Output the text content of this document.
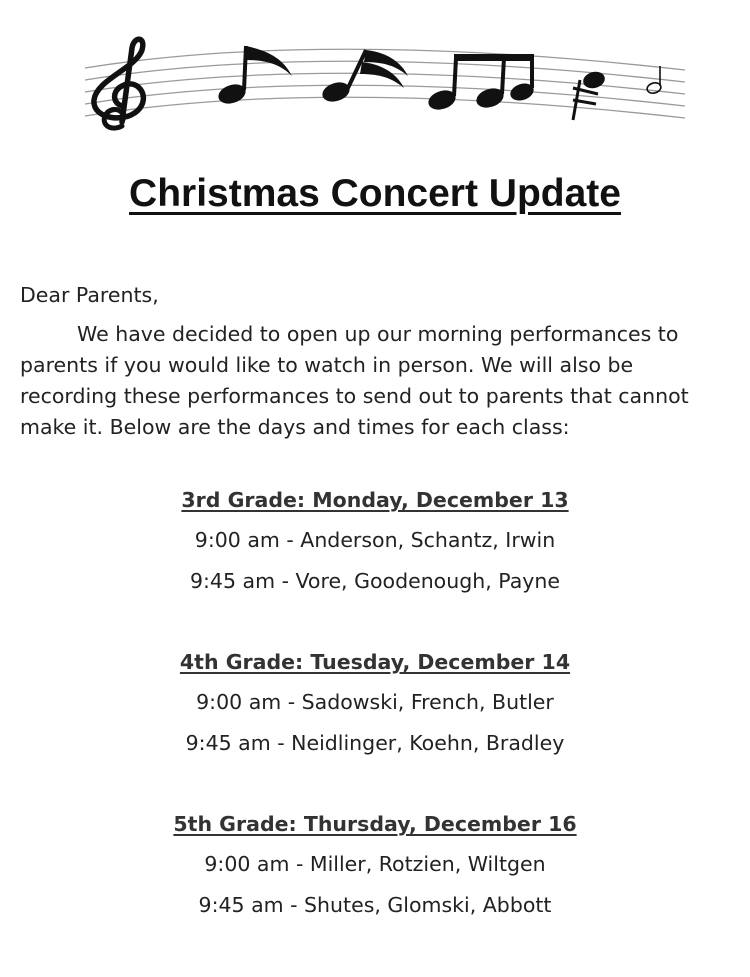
Christmas Concert Update

Dear Parents,

We have decided to open up our morning performances to parents if you would like to watch in person. We will also be recording these performances to send out to parents that cannot make it. Below are the days and times for each class:

3rd Grade: Monday, December 13
9:00 am - Anderson, Schantz, Irwin
9:45 am - Vore, Goodenough, Payne
4th Grade: Tuesday, December 14
9:00 am - Sadowski, French, Butler
9:45 am - Neidlinger, Koehn, Bradley
5th Grade: Thursday, December 16
9:00 am - Miller, Rotzien, Wiltgen
9:45 am - Shutes, Glomski, Abbott
